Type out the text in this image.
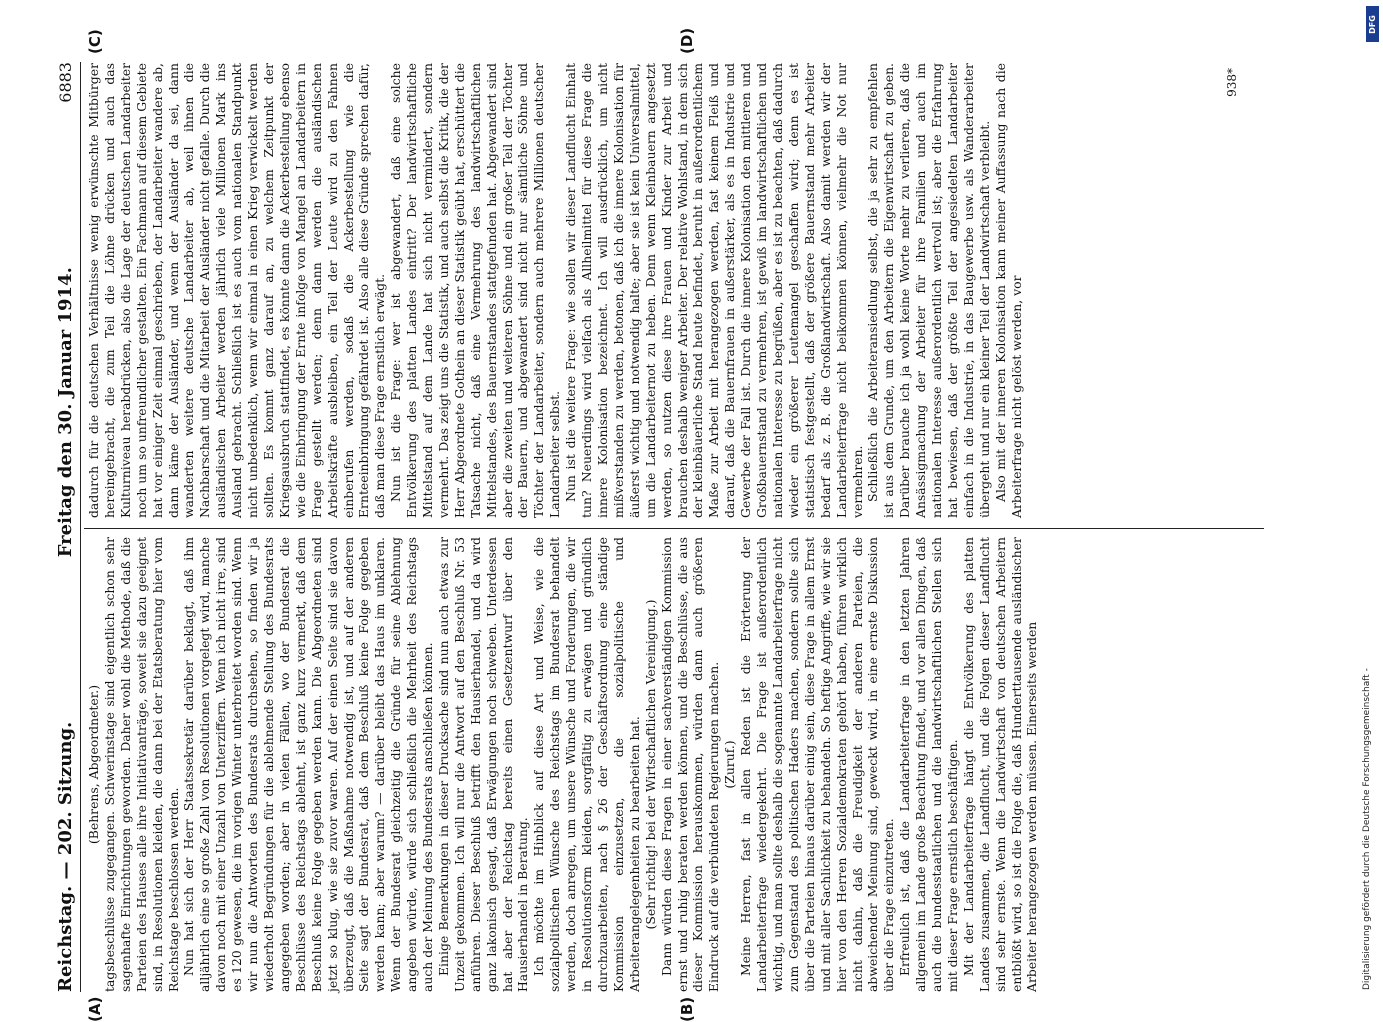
Reichstag. — 202. Sitzung.
Freitag den 30. Januar 1914.
6883
(A)	(B)
(C)	(D)

(Behrens, Abgeordneter.) tagsbeschlüsse zugegangen. Schwerinstage sind eigentlich schon sehr sagenhafte Einrichtungen geworden. Daher wohl die Methode, daß die Parteien des Hauses alle ihre Initiativanträge, soweit sie dazu geeignet sind, in Resolutionen kleiden, die dann bei der Etatsberatung hier vom Reichstage beschlossen werden. Nun hat sich der Herr Staatssekretär darüber beklagt, daß ihm alljährlich eine so große Zahl von Resolutionen vorgelegt wird, manche davon noch mit einer Unzahl von Unterziffern. Wenn ich nicht irre, sind es 120 gewesen, die im vorigen Winter unterbreitet worden sind. Wenn wir nun die Antworten des Bundesrats durchsehen, so finden wir ja wiederholt Begründungen für die ablehnende Stellung des Bundesrats angegeben worden; aber in vielen Fällen, wo der Bundesrat die Beschlüsse des Reichstags ablehnt, ist ganz kurz vermerkt, daß dem Beschluß keine Folge gegeben werden kann. Die Abgeordneten sind jetzt so klug, wie sie zuvor waren. Auf der einen Seite sind sie davon überzeugt, daß die Maßnahme notwendig ist, und auf der anderen Seite sagt der Bundesrat, daß dem Beschluß keine Folge gegeben werden kann; aber warum? — darüber bleibt das Haus im unklaren. Wenn der Bundesrat gleichzeitig die Gründe für seine Ablehnung angeben würde, würde sich schließlich die Mehrheit des Reichstags auch der Meinung des Bundesrats anschließen können. Einige Bemerkungen in dieser Drucksache sind nun auch etwas zur Unzeit gekommen. Ich will nur die Antwort auf den Beschluß Nr. 53 anführen. Dieser Beschluß betrifft den Hausierhandel, und da wird ganz lakonisch gesagt, daß Erwägungen noch schweben. Unterdessen hat aber der Reichstag bereits einen Gesetzentwurf über den Hausierhandel in Beratung. Ich möchte im Hinblick auf diese Art und Weise, wie die sozialpolitischen Wünsche des Reichstags im Bundesrat behandelt werden, doch anregen, um unsere Wünsche und Forderungen, die wir in Resolutionsform kleiden, sorgfältig zu erwägen und gründlich durchzuarbeiten, nach § 26 der Geschäftsordnung eine ständige Kommission einzusetzen, die sozialpolitische und Arbeiterangelegenheiten zu bearbeiten hat. (Sehr richtig! bei der Wirtschaftlichen Vereinigung.) Dann würden diese Fragen in einer sachverständigen Kommission ernst und ruhig beraten werden können, und die Beschlüsse, die aus dieser Kommission herauskommen, würden dann auch größeren Eindruck auf die verbündeten Regierungen machen. (Zuruf.) Meine Herren, fast in allen Reden ist die Erörterung der Landarbeiterfrage wiedergekehrt. Die Frage ist außerordentlich wichtig, und man sollte deshalb die sogenannte Landarbeiterfrage nicht zum Gegenstand des politischen Haders machen, sondern sollte sich über die Parteien hinaus darüber einig sein, diese Frage in allem Ernst und mit aller Sachlichkeit zu behandeln. So heftige Angriffe, wie wir sie hier von den Herren Sozialdemokraten gehört haben, führen wirklich nicht dahin, daß die Freudigkeit der anderen Parteien, die abweichender Meinung sind, geweckt wird, in eine ernste Diskussion über die Frage einzutreten. Erfreulich ist, daß die Landarbeiterfrage in den letzten Jahren allgemein im Lande große Beachtung findet, und vor allen Dingen, daß auch die bundesstaatlichen und die landwirtschaftlichen Stellen sich mit dieser Frage ernstlich beschäftigen. Mit der Landarbeiterfrage hängt die Entvölkerung des platten Landes zusammen, die Landflucht, und die Folgen dieser Landflucht sind sehr ernste. Wenn die Landwirtschaft von deutschen Arbeitern entblößt wird, so ist die Folge die, daß Hunderttausende ausländischer Arbeiter herangezogen werden müssen. Einerseits werden

dadurch für die deutschen Verhältnisse wenig erwünschte Mitbürger hereingebracht, die zum Teil die Löhne drücken und auch das Kulturniveau herabdrücken, also die Lage der deutschen Landarbeiter noch um so unfreundlicher gestalten. Ein Fachmann auf diesem Gebiete hat vor einiger Zeit einmal geschrieben, der Landarbeiter wandere ab, dann käme der Ausländer, und wenn der Ausländer da sei, dann wanderten weitere deutsche Landarbeiter ab, weil ihnen die Nachbarschaft und die Mitarbeit der Ausländer nicht gefalle. Durch die ausländischen Arbeiter werden jährlich viele Millionen Mark ins Ausland gebracht. Schließlich ist es auch vom nationalen Standpunkt nicht unbedenklich, wenn wir einmal in einen Krieg verwickelt werden sollten. Es kommt ganz darauf an, zu welchem Zeitpunkt der Kriegsausbruch stattfindet, es könnte dann die Ackerbestellung ebenso wie die Einbringung der Ernte infolge von Mangel an Landarbeitern in Frage gestellt werden; denn dann werden die ausländischen Arbeitskräfte ausbleiben, ein Teil der Leute wird zu den Fahnen einberufen werden, sodaß die Ackerbestellung wie die Ernteeinbringung gefährdet ist. Also alle diese Gründe sprechen dafür, daß man diese Frage ernstlich erwägt. Nun ist die Frage: wer ist abgewandert, daß eine solche Entvölkerung des platten Landes eintritt? Der landwirtschaftliche Mittelstand auf dem Lande hat sich nicht vermindert, sondern vermehrt. Das zeigt uns die Statistik, und auch selbst die Kritik, die der Herr Abgeordnete Gothein an dieser Statistik geübt hat, erschüttert die Tatsache nicht, daß eine Vermehrung des landwirtschaftlichen Mittelstandes, des Bauernstandes stattgefunden hat. Abgewandert sind aber die zweiten und weiteren Söhne und ein großer Teil der Töchter der Bauern, und abgewandert sind nicht nur sämtliche Söhne und Töchter der Landarbeiter, sondern auch mehrere Millionen deutscher Landarbeiter selbst. Nun ist die weitere Frage: wie sollen wir dieser Landflucht Einhalt tun? Neuerdings wird vielfach als Allheilmittel für diese Frage die innere Kolonisation bezeichnet. Ich will ausdrücklich, um nicht mißverstanden zu werden, betonen, daß ich die innere Kolonisation für äußerst wichtig und notwendig halte; aber sie ist kein Universalmittel, um die Landarbeiternot zu heben. Denn wenn Kleinbauern angesetzt werden, so nutzen diese ihre Frauen und Kinder zur Arbeit und brauchen deshalb weniger Arbeiter. Der relative Wohlstand, in dem sich der kleinbäuerliche Stand heute befindet, beruht in außerordentlichem Maße zur Arbeit mit herangezogen werden, fast keinem Fleiß und darauf, daß die Bauernfrauen in außerstärker, als es in Industrie und Gewerbe der Fall ist. Durch die innere Kolonisation den mittleren und Großbauernstand zu vermehren, ist gewiß im landwirtschaftlichen und nationalen Interesse zu begrüßen, aber es ist zu beachten, daß dadurch wieder ein größerer Leutemangel geschaffen wird; denn es ist statistisch festgestellt, daß der größere Bauernstand mehr Arbeiter bedarf als z. B. die Großlandwirtschaft. Also damit werden wir der Landarbeiterfrage nicht beikommen können, vielmehr die Not nur vermehren. Schließlich die Arbeiteransiedlung selbst, die ja sehr zu empfehlen ist aus dem Grunde, um den Arbeitern die Eigenwirtschaft zu geben. Darüber brauche ich ja wohl keine Worte mehr zu verlieren, daß die Ansässigmachung der Arbeiter für ihre Familien und auch im nationalen Interesse außerordentlich wertvoll ist; aber die Erfahrung hat bewiesen, daß der größte Teil der angesiedelten Landarbeiter einfach in die Industrie, in das Baugewerbe usw. als Wanderarbeiter übergeht und nur ein kleiner Teil der Landwirtschaft verbleibt. Also mit der inneren Kolonisation kann meiner Auffassung nach die Arbeiterfrage nicht gelöst werden, vor

938*
Digitalisierung gefördert durch die Deutsche Forschungsgemeinschaft -
DFG
